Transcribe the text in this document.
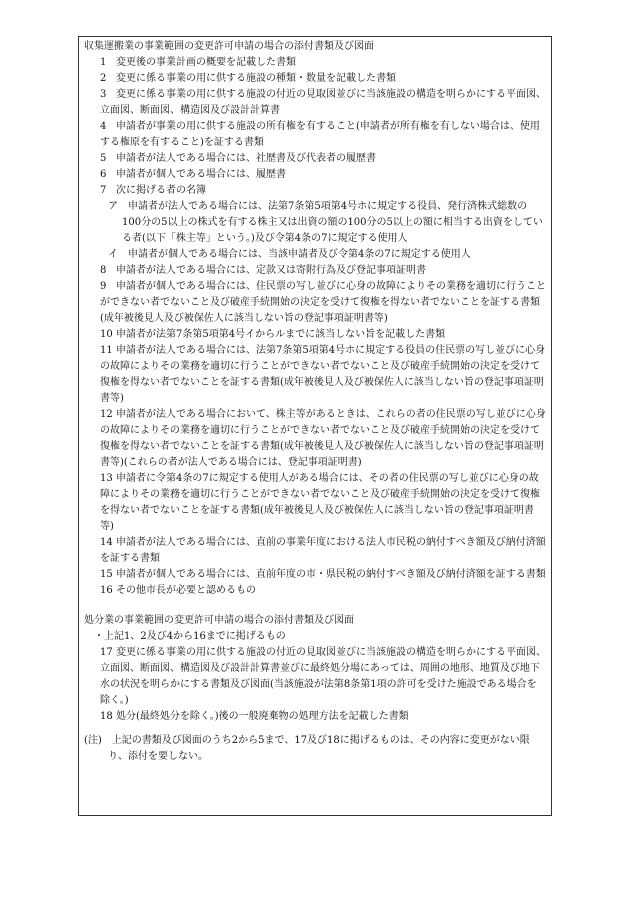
収集運搬業の事業範囲の変更許可申請の場合の添付書類及び図面
1 変更後の事業計画の概要を記載した書類
2 変更に係る事業の用に供する施設の種類・数量を記載した書類
3 変更に係る事業の用に供する施設の付近の見取図並びに当該施設の構造を明らかにする平面図、立面図、断面図、構造図及び設計計算書
4 申請者が事業の用に供する施設の所有権を有すること(申請者が所有権を有しない場合は、使用する権原を有すること)を証する書類
5 申請者が法人である場合には、社歴書及び代表者の履歴書
6 申請者が個人である場合には、履歴書
7 次に掲げる者の名簿
ア　 申請者が法人である場合には、法第7条第5項第4号ホに規定する役員、発行済株式総数の100分の5以上の株式を有する株主又は出資の額の100分の5以上の額に相当する出資をしている者(以下「株主等」という。)及び令第4条の7に規定する使用人
イ　 申請者が個人である場合には、当該申請者及び令第4条の7に規定する使用人
8 申請者が法人である場合には、定款又は寄附行為及び登記事項証明書
9 申請者が個人である場合には、住民票の写し並びに心身の故障によりその業務を適切に行うことができない者でないこと及び破産手続開始の決定を受けて復権を得ない者でないことを証する書類(成年被後見人及び被保佐人に該当しない旨の登記事項証明書等)
10 申請者が法第7条第5項第4号イからルまでに該当しない旨を記載した書類
11 申請者が法人である場合には、法第7条第5項第4号ホに規定する役員の住民票の写し並びに心身の故障によりその業務を適切に行うことができない者でないこと及び破産手続開始の決定を受けて復権を得ない者でないことを証する書類(成年被後見人及び被保佐人に該当しない旨の登記事項証明書等)
12 申請者が法人である場合において、株主等があるときは、これらの者の住民票の写し並びに心身の故障によりその業務を適切に行うことができない者でないこと及び破産手続開始の決定を受けて復権を得ない者でないことを証する書類(成年被後見人及び被保佐人に該当しない旨の登記事項証明書等)(これらの者が法人である場合には、登記事項証明書)
13 申請者に令第4条の7に規定する使用人がある場合には、その者の住民票の写し並びに心身の故障によりその業務を適切に行うことができない者でないこと及び破産手続開始の決定を受けて復権を得ない者でないことを証する書類(成年被後見人及び被保佐人に該当しない旨の登記事項証明書等)
14 申請者が法人である場合には、直前の事業年度における法人市民税の納付すべき額及び納付済額を証する書類
15 申請者が個人である場合には、直前年度の市・県民税の納付すべき額及び納付済額を証する書類
16 その他市長が必要と認めるもの
処分業の事業範囲の変更許可申請の場合の添付書類及び図面
・上記1、2及び4から16までに掲げるもの
17 変更に係る事業の用に供する施設の付近の見取図並びに当該施設の構造を明らかにする平面図、立面図、断面図、構造図及び設計計算書並びに最終処分場にあっては、周囲の地形、地質及び地下水の状況を明らかにする書類及び図面(当該施設が法第8条第1項の許可を受けた施設である場合を除く。)
18 処分(最終処分を除く。)後の一般廃棄物の処理方法を記載した書類
(注)　 上記の書類及び図面のうち2から5まで、17及び18に掲げるものは、その内容に変更がない限り、添付を要しない。
